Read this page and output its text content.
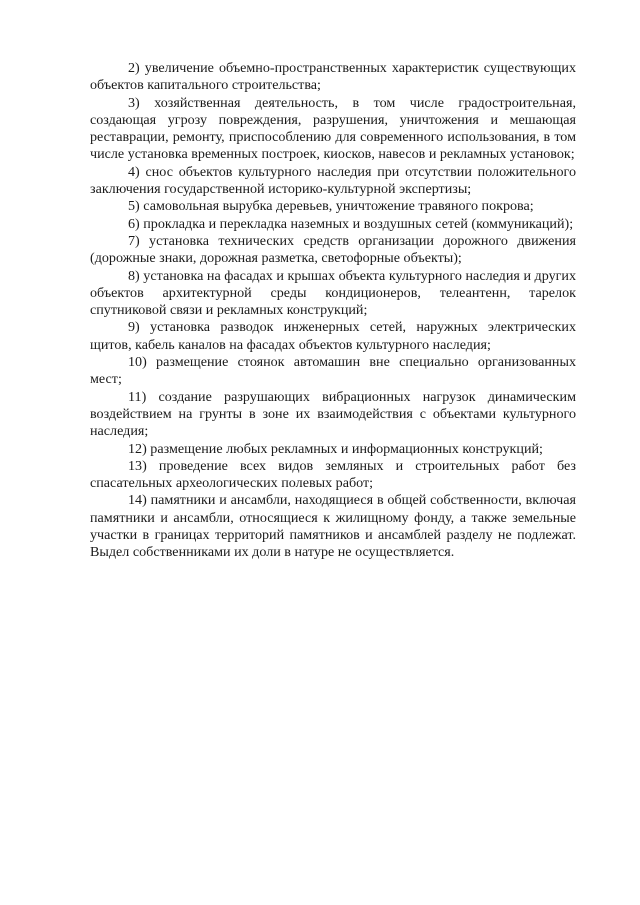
2) увеличение объемно-пространственных характеристик существующих объектов капитального строительства;

3) хозяйственная деятельность, в том числе градостроительная, создающая угрозу повреждения, разрушения, уничтожения и мешающая реставрации, ремонту, приспособлению для современного использования, в том числе установка временных построек, киосков, навесов и рекламных установок;

4) снос объектов культурного наследия при отсутствии положительного заключения государственной историко-культурной экспертизы;

5) самовольная вырубка деревьев, уничтожение травяного покрова;

6) прокладка и перекладка наземных и воздушных сетей (коммуникаций);

7) установка технических средств организации дорожного движения (дорожные знаки, дорожная разметка, светофорные объекты);

8) установка на фасадах и крышах объекта культурного наследия и других объектов архитектурной среды кондиционеров, телеантенн, тарелок спутниковой связи и рекламных конструкций;

9) установка разводок инженерных сетей, наружных электрических щитов, кабель каналов на фасадах объектов культурного наследия;

10) размещение стоянок автомашин вне специально организованных мест;

11) создание разрушающих вибрационных нагрузок динамическим воздействием на грунты в зоне их взаимодействия с объектами культурного наследия;

12) размещение любых рекламных и информационных конструкций;

13) проведение всех видов земляных и строительных работ без спасательных археологических полевых работ;

14) памятники и ансамбли, находящиеся в общей собственности, включая памятники и ансамбли, относящиеся к жилищному фонду, а также земельные участки в границах территорий памятников и ансамблей разделу не подлежат. Выдел собственниками их доли в натуре не осуществляется.
